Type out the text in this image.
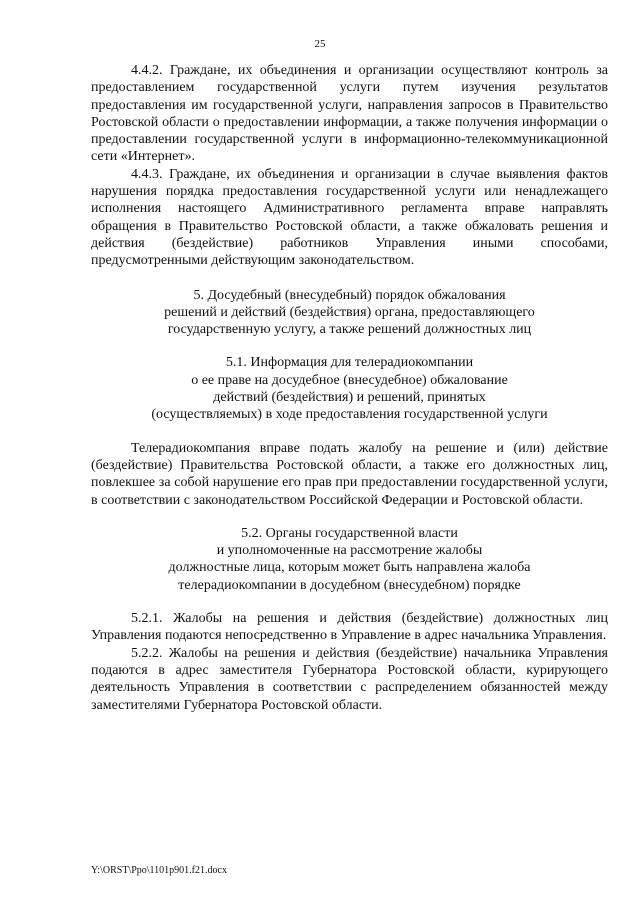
25

4.4.2. Граждане, их объединения и организации осуществляют контроль за предоставлением государственной услуги путем изучения результатов предоставления им государственной услуги, направления запросов в Правительство Ростовской области о предоставлении информации, а также получения информации о предоставлении государственной услуги в информационно-телекоммуникационной сети «Интернет».

4.4.3. Граждане, их объединения и организации в случае выявления фактов нарушения порядка предоставления государственной услуги или ненадлежащего исполнения настоящего Административного регламента вправе направлять обращения в Правительство Ростовской области, а также обжаловать решения и действия (бездействие) работников Управления иными способами, предусмотренными действующим законодательством.

5. Досудебный (внесудебный) порядок обжалования
решений и действий (бездействия) органа, предоставляющего
государственную услугу, а также решений должностных лиц
5.1. Информация для телерадиокомпании
о ее праве на досудебное (внесудебное) обжалование
действий (бездействия) и решений, принятых
(осуществляемых) в ходе предоставления государственной услуги

Телерадиокомпания вправе подать жалобу на решение и (или) действие (бездействие) Правительства Ростовской области, а также его должностных лиц, повлекшее за собой нарушение его прав при предоставлении государственной услуги, в соответствии с законодательством Российской Федерации и Ростовской области.

5.2. Органы государственной власти
и уполномоченные на рассмотрение жалобы
должностные лица, которым может быть направлена жалоба
телерадиокомпании в досудебном (внесудебном) порядке

5.2.1. Жалобы на решения и действия (бездействие) должностных лиц Управления подаются непосредственно в Управление в адрес начальника Управления.

5.2.2. Жалобы на решения и действия (бездействие) начальника Управления подаются в адрес заместителя Губернатора Ростовской области, курирующего деятельность Управления в соответствии с распределением обязанностей между заместителями Губернатора Ростовской области.

Y:\ORST\Ppo\1101p901.f21.docx
